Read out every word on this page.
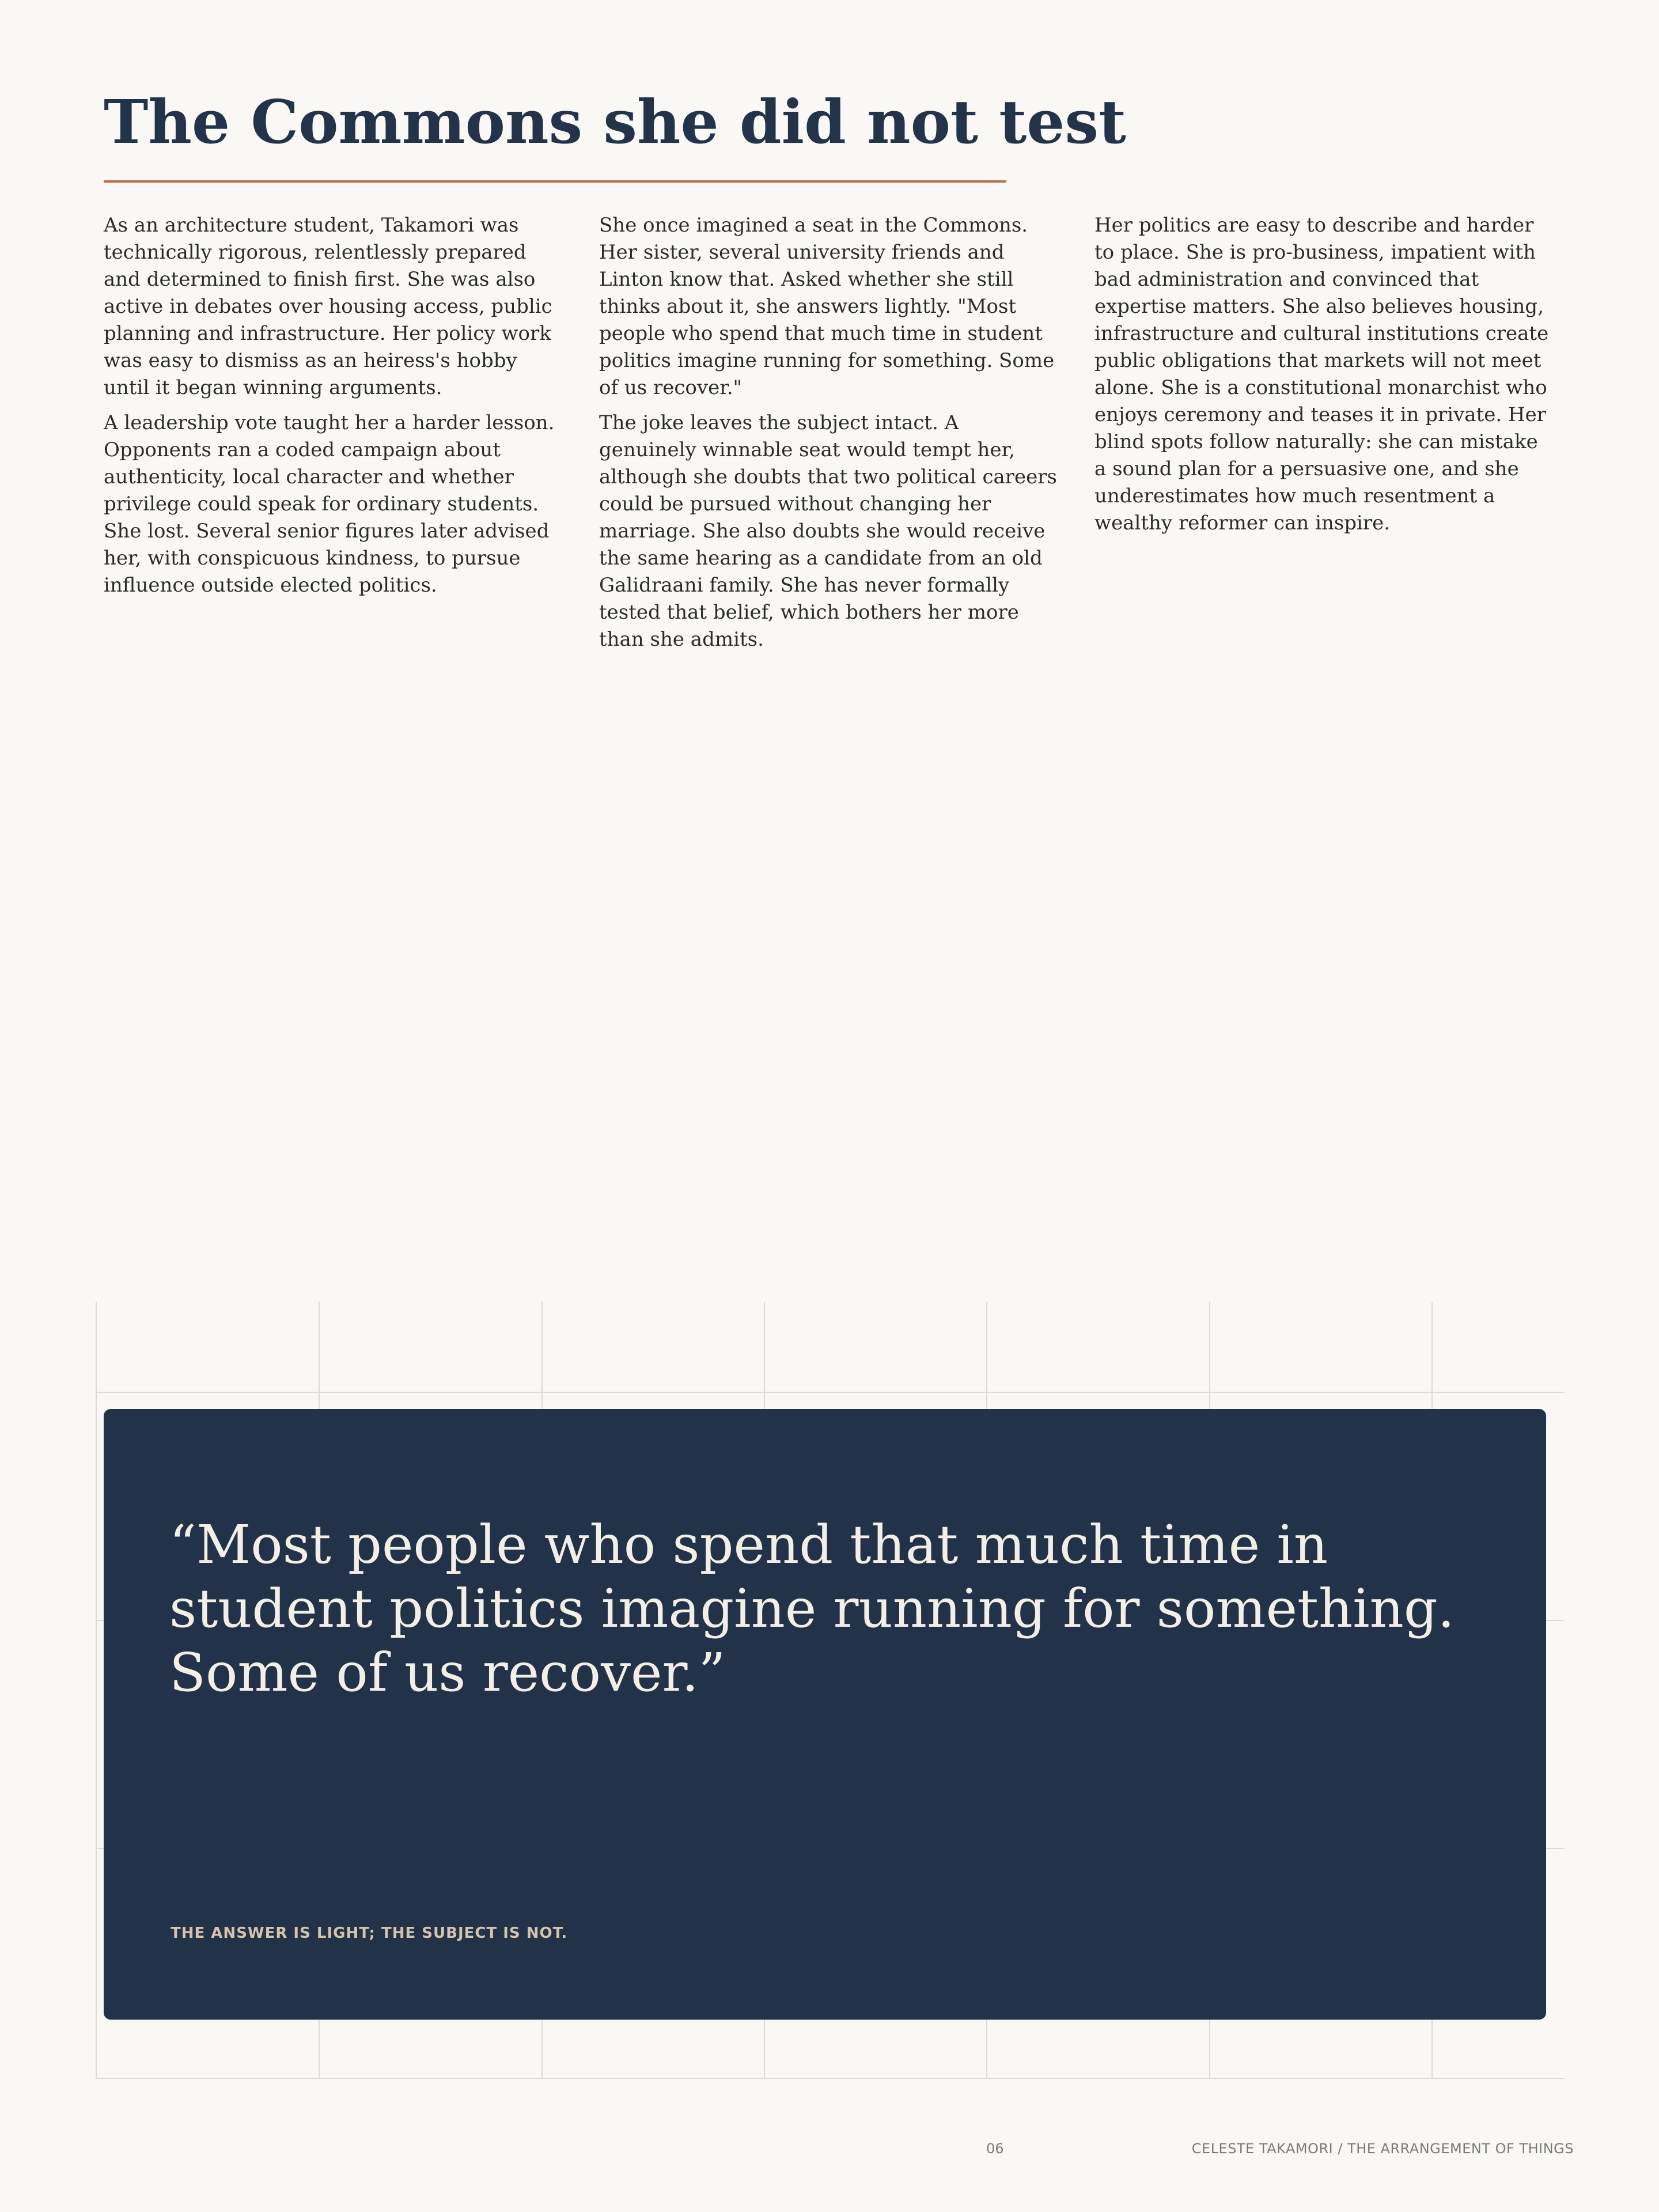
The Commons she did not test

As an architecture student, Takamori was technically rigorous, relentlessly prepared and determined to finish first. She was also active in debates over housing access, public planning and infrastructure. Her policy work was easy to dismiss as an heiress's hobby until it began winning arguments.

A leadership vote taught her a harder lesson. Opponents ran a coded campaign about authenticity, local character and whether privilege could speak for ordinary students. She lost. Several senior figures later advised her, with conspicuous kindness, to pursue influence outside elected politics.

She once imagined a seat in the Commons. Her sister, several university friends and Linton know that. Asked whether she still thinks about it, she answers lightly. "Most people who spend that much time in student politics imagine running for something. Some of us recover."

The joke leaves the subject intact. A genuinely winnable seat would tempt her, although she doubts that two political careers could be pursued without changing her marriage. She also doubts she would receive the same hearing as a candidate from an old Galidraani family. She has never formally tested that belief, which bothers her more than she admits.

Her politics are easy to describe and harder to place. She is pro-business, impatient with bad administration and convinced that expertise matters. She also believes housing, infrastructure and cultural institutions create public obligations that markets will not meet alone. She is a constitutional monarchist who enjoys ceremony and teases it in private. Her blind spots follow naturally: she can mistake a sound plan for a persuasive one, and she underestimates how much resentment a wealthy reformer can inspire.

“Most people who spend that much time in student politics imagine running for something. Some of us recover.”

THE ANSWER IS LIGHT; THE SUBJECT IS NOT.
06	CELESTE TAKAMORI / THE ARRANGEMENT OF THINGS
